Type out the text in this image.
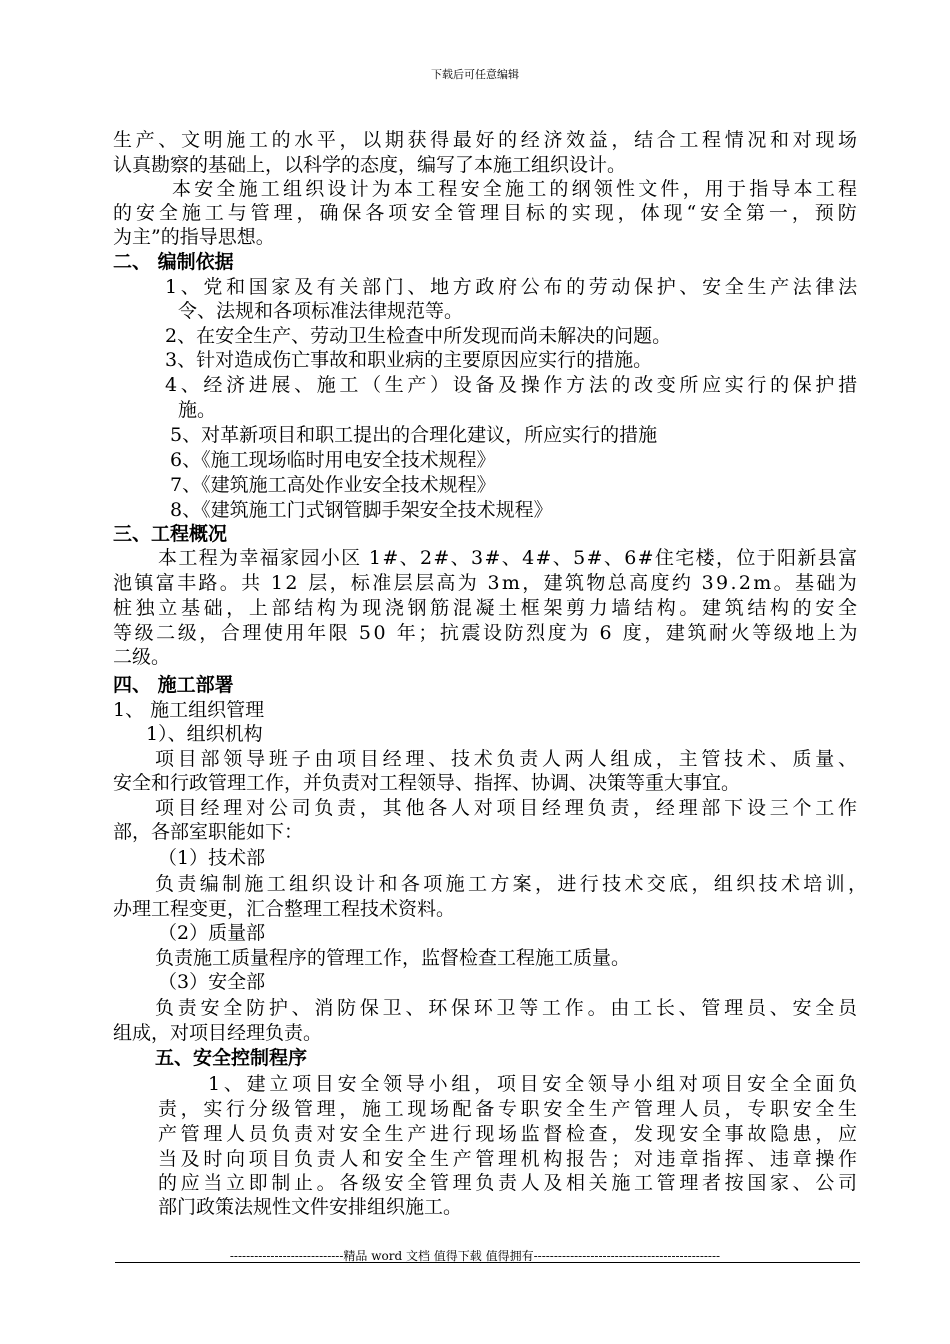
下载后可任意编辑
生产、文明施工的水平，以期获得最好的经济效益，结合工程情况和对现场
认真勘察的基础上，以科学的态度，编写了本施工组织设计。
本安全施工组织设计为本工程安全施工的纲领性文件，用于指导本工程
的安全施工与管理，确保各项安全管理目标的实现，体现“安全第一，预防
为主”的指导思想。
二、 编制依据
1、党和国家及有关部门、地方政府公布的劳动保护、安全生产法律法
令、法规和各项标准法律规范等。
2、在安全生产、劳动卫生检查中所发现而尚未解决的问题。
3、针对造成伤亡事故和职业病的主要原因应实行的措施。
4、经济进展、施工（生产）设备及操作方法的改变所应实行的保护措
施。
5、对革新项目和职工提出的合理化建议，所应实行的措施
6、《施工现场临时用电安全技术规程》
7、《建筑施工高处作业安全技术规程》
8、《建筑施工门式钢管脚手架安全技术规程》
三、工程概况
本工程为幸福家园小区 1#、2#、3#、4#、5#、6#住宅楼，位于阳新县富
池镇富丰路。共 12 层，标准层层高为 3m，建筑物总高度约 39.2m。基础为
桩独立基础，上部结构为现浇钢筋混凝土框架剪力墙结构。建筑结构的安全
等级二级，合理使用年限 50 年；抗震设防烈度为 6 度，建筑耐火等级地上为
二级。
四、 施工部署
1、 施工组织管理
1）、组织机构
项目部领导班子由项目经理、技术负责人两人组成，主管技术、质量、
安全和行政管理工作，并负责对工程领导、指挥、协调、决策等重大事宜。
项目经理对公司负责，其他各人对项目经理负责，经理部下设三个工作
部，各部室职能如下：
（1）技术部
负责编制施工组织设计和各项施工方案，进行技术交底，组织技术培训，
办理工程变更，汇合整理工程技术资料。
（2）质量部
负责施工质量程序的管理工作，监督检查工程施工质量。
（3）安全部
负责安全防护、消防保卫、环保环卫等工作。由工长、管理员、安全员
组成，对项目经理负责。
五、安全控制程序
1、建立项目安全领导小组，项目安全领导小组对项目安全全面负
责，实行分级管理，施工现场配备专职安全生产管理人员，专职安全生
产管理人员负责对安全生产进行现场监督检查，发现安全事故隐患，应
当及时向项目负责人和安全生产管理机构报告；对违章指挥、违章操作
的应当立即制止。各级安全管理负责人及相关施工管理者按国家、公司
部门政策法规性文件安排组织施工。
----------------------------精品 word 文档 值得下载 值得拥有----------------------------------------------
